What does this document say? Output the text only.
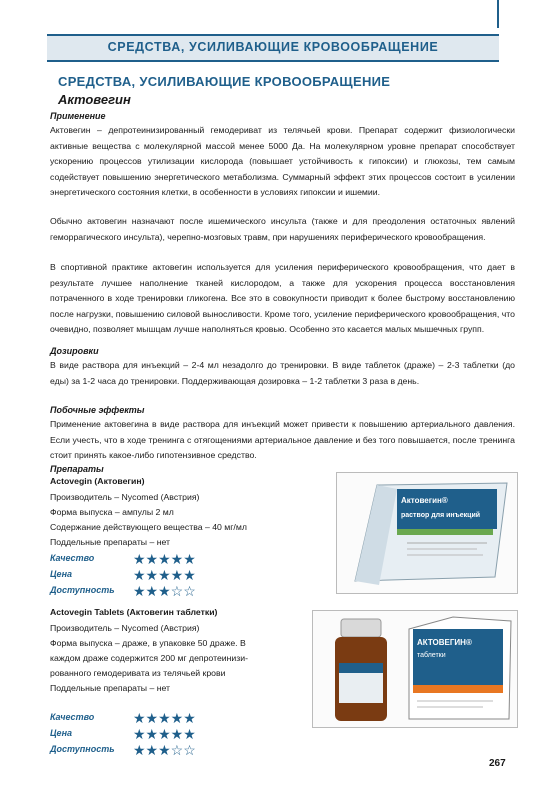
СРЕДСТВА, УСИЛИВАЮЩИЕ КРОВООБРАЩЕНИЕ
СРЕДСТВА, УСИЛИВАЮЩИЕ КРОВООБРАЩЕНИЕ
Актовегин
Применение

Актовегин – депротеинизированный гемодериват из телячьей крови. Препарат содержит физиологически активные вещества с молекулярной массой менее 5000 Да. На молекулярном уровне препарат способствует ускорению процессов утилизации кислорода (повышает устойчивость к гипоксии) и глюкозы, тем самым содействует повышению энергетического метаболизма. Суммарный эффект этих процессов состоит в усилении энергетического состояния клетки, в особенности в условиях гипоксии и ишемии.

Обычно актовегин назначают после ишемического инсульта (также и для преодоления остаточных явлений геморрагического инсульта), черепно-мозговых травм, при нарушениях периферического кровообращения.

В спортивной практике актовегин используется для усиления периферического кровообращения, что дает в результате лучшее наполнение тканей кислородом, а также для ускорения процесса восстановления потраченного в ходе тренировки гликогена. Все это в совокупности приводит к более быстрому восстановлению после нагрузки, повышению силовой выносливости. Кроме того, усиление периферического кровообращения, что очевидно, позволяет мышцам лучше наполняться кровью. Особенно это касается малых мышечных групп.

Дозировки

В виде раствора для инъекций – 2-4 мл незадолго до тренировки. В виде таблеток (драже) – 2-3 таблетки (до еды) за 1-2 часа до тренировки. Поддерживающая дозировка – 1-2 таблетки 3 раза в день.

Побочные эффекты

Применение актовегина в виде раствора для инъекций может привести к повышению артериального давления. Если учесть, что в ходе тренинга с отягощениями артериальное давление и без того повышается, после тренинга стоит принять какое-либо гипотензивное средство.

Препараты
Actovegin (Актовегин)
Производитель – Nycomed (Австрия)
Форма выпуска – ампулы 2 мл
Содержание действующего вещества – 40 мг/мл
Поддельные препараты – нет
Качество	★★★★★
Цена	★★★★★
Доступность ★★★☆☆
Актовегин®
раствор для инъекций
Actovegin Tablets (Актовегин таблетки)
Производитель – Nycomed (Австрия)
Форма выпуска – драже, в упаковке 50 драже. В
каждом драже содержится 200 мг депротеинизи-
рованного гемодеривата из телячьей крови
Поддельные препараты – нет
Качество	★★★★★
Цена	★★★★★
Доступность ★★★☆☆
АКТОВЕГИН®
таблетки
267
